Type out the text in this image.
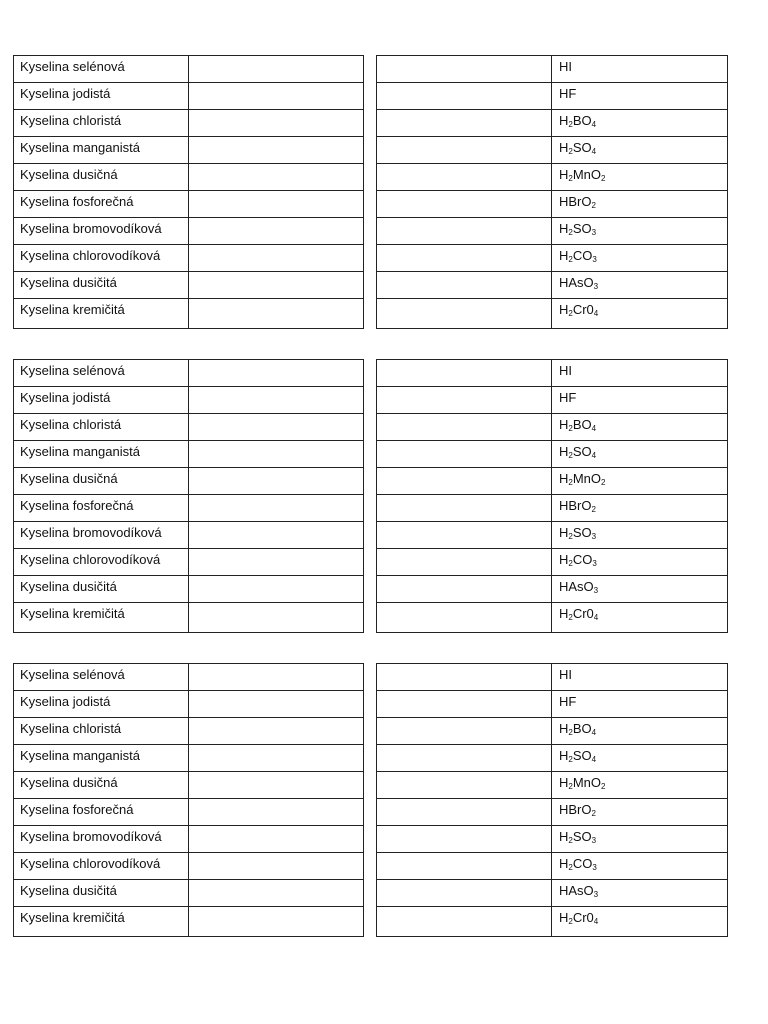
Kyselina selénová	
Kyselina jodistá	
Kyselina chloristá	
Kyselina manganistá	
Kyselina dusičná	
Kyselina fosforečná	
Kyselina bromovodíková	
Kyselina chlorovodíková	
Kyselina dusičitá	
Kyselina kremičitá	
	HI
	HF
	$H_2BO_4$
	$H_2SO_4$
	$H_2MnO_2$
	HBrO$_2$
	$H_2SO_3$
	$H_2CO_3$
	HAsO$_3$
	$H_2Cr0_4$
Kyselina selénová	
Kyselina jodistá	
Kyselina chloristá	
Kyselina manganistá	
Kyselina dusičná	
Kyselina fosforečná	
Kyselina bromovodíková	
Kyselina chlorovodíková	
Kyselina dusičitá	
Kyselina kremičitá	
	HI
	HF
	$H_2BO_4$
	$H_2SO_4$
	$H_2MnO_2$
	HBrO$_2$
	$H_2SO_3$
	$H_2CO_3$
	HAsO$_3$
	$H_2Cr0_4$
Kyselina selénová	
Kyselina jodistá	
Kyselina chloristá	
Kyselina manganistá	
Kyselina dusičná	
Kyselina fosforečná	
Kyselina bromovodíková	
Kyselina chlorovodíková	
Kyselina dusičitá	
Kyselina kremičitá	
	HI
	HF
	$H_2BO_4$
	$H_2SO_4$
	$H_2MnO_2$
	HBrO$_2$
	$H_2SO_3$
	$H_2CO_3$
	HAsO$_3$
	$H_2Cr0_4$
